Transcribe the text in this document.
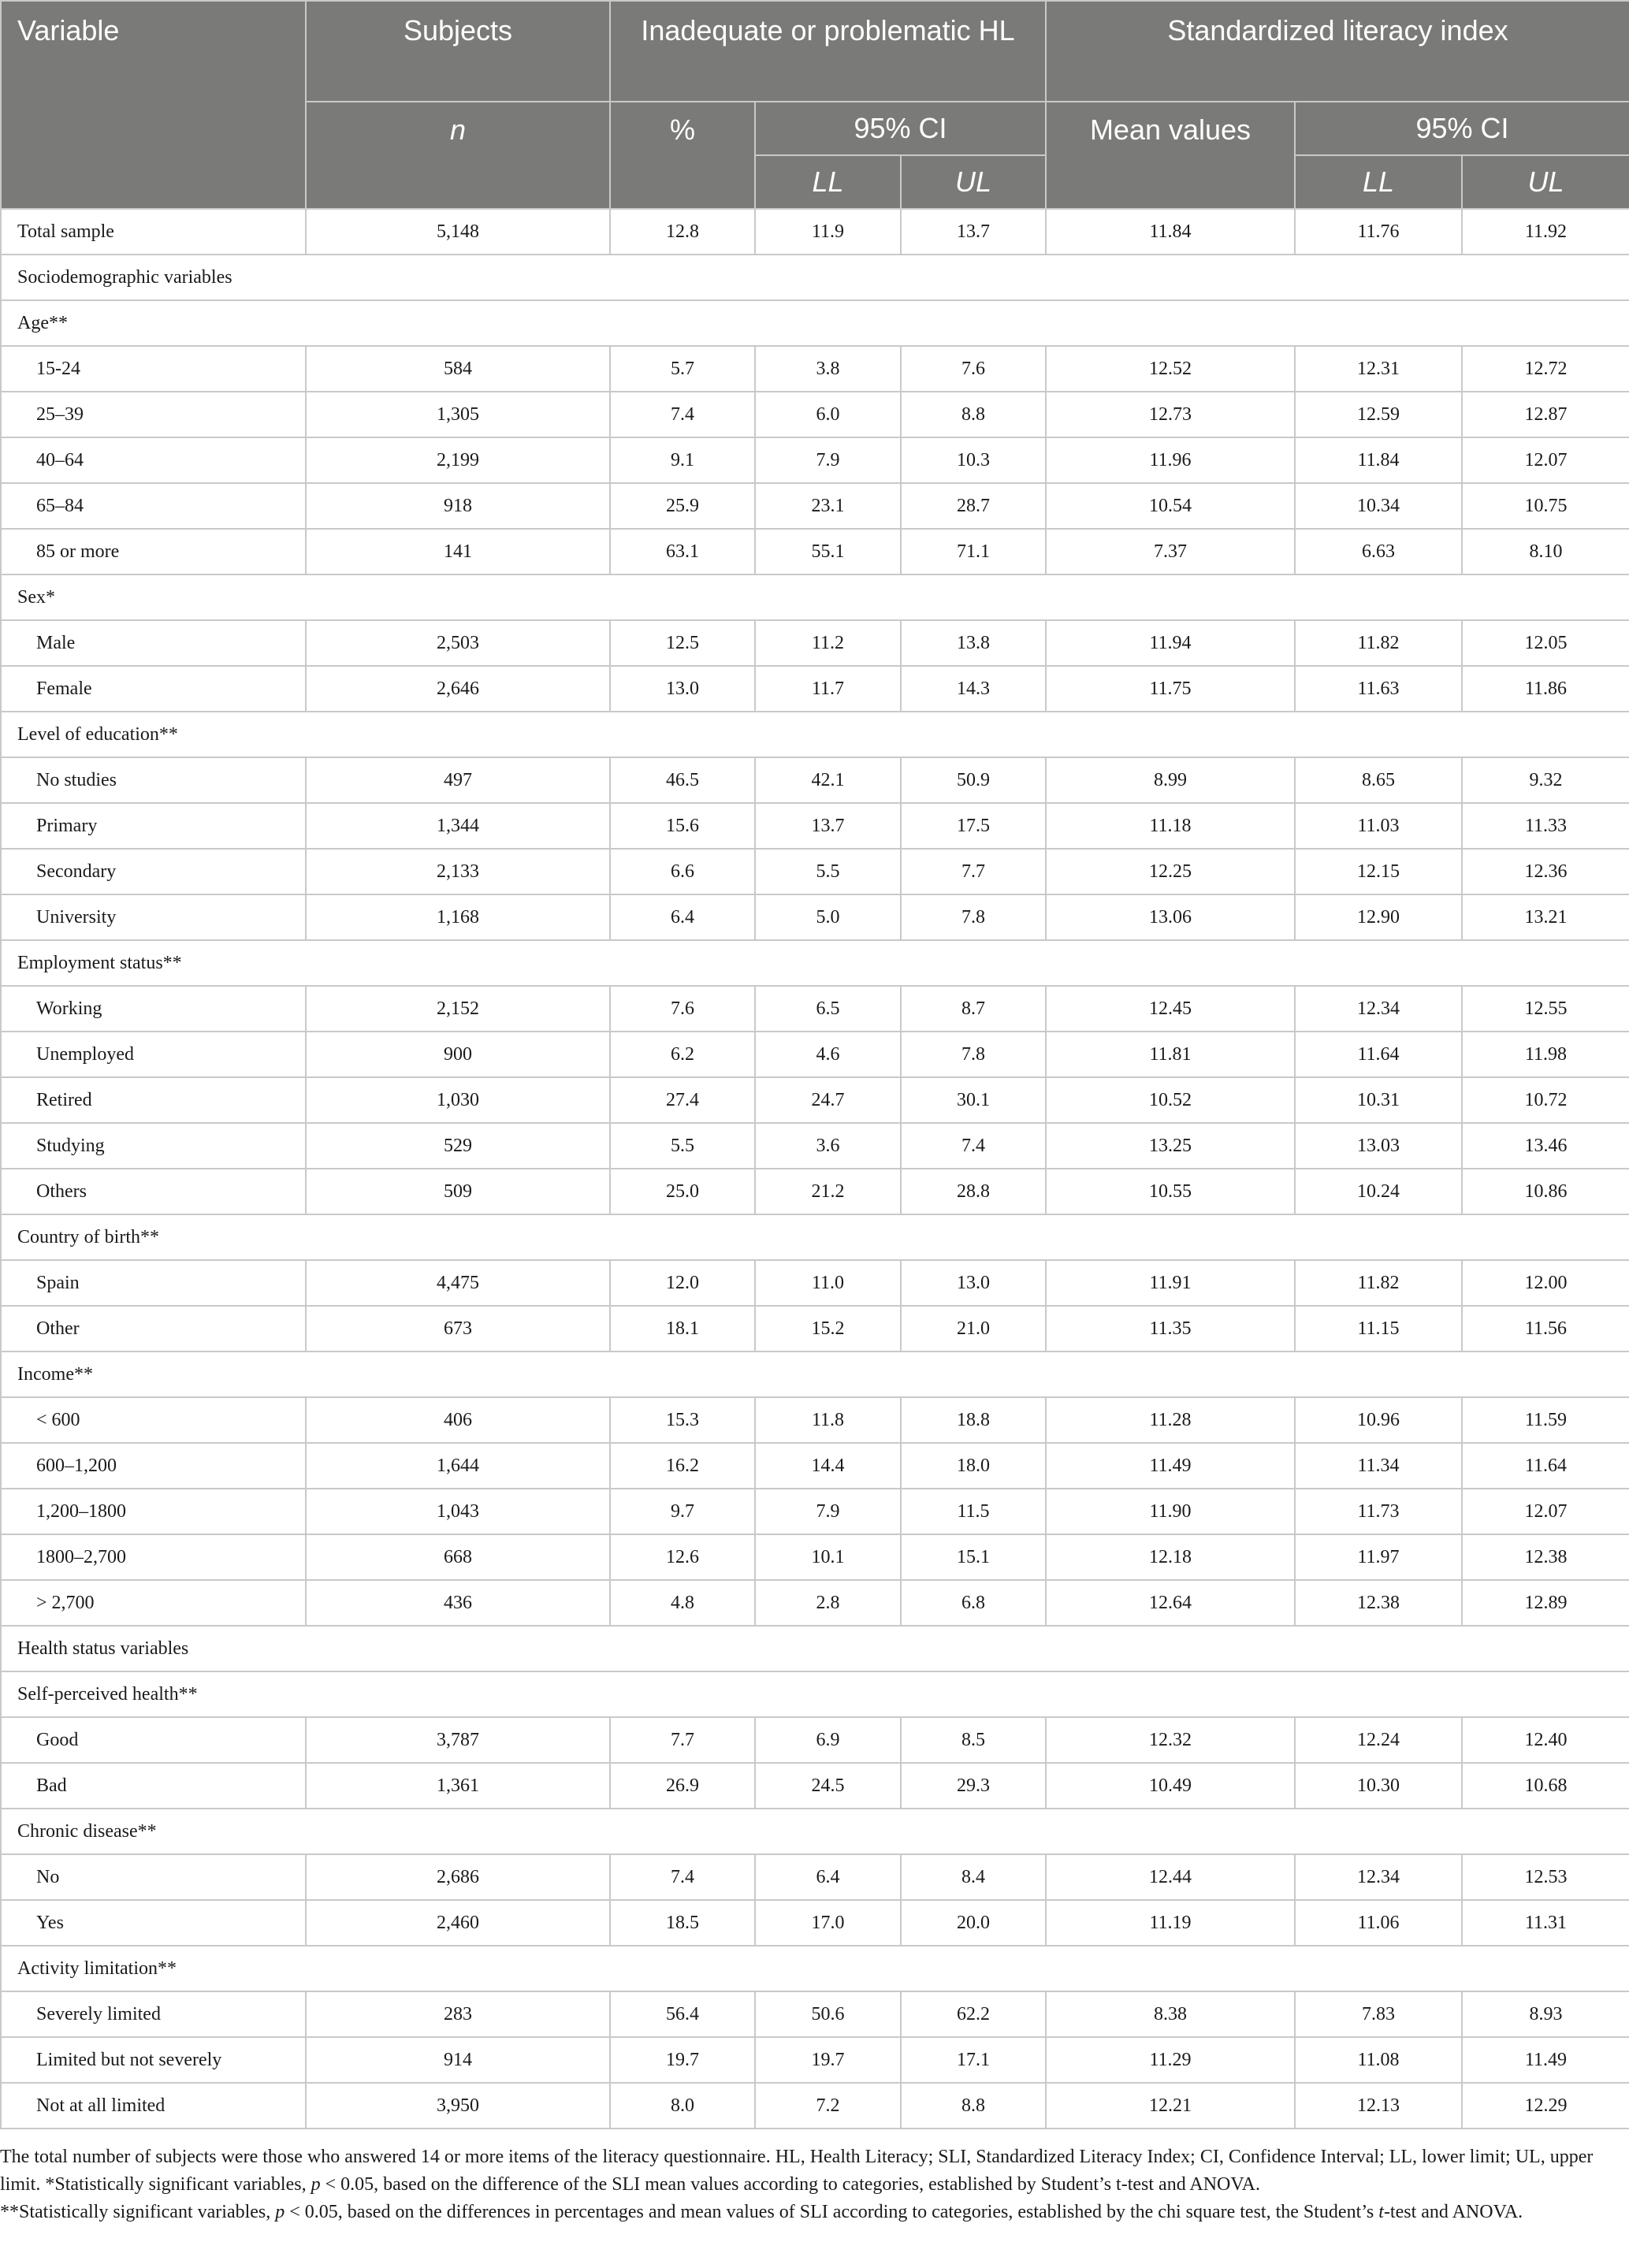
Variable	Subjects	Inadequate or problematic HL			Standardized literacy index		
	n	%	95% CI		Mean values	95% CI	
			LL	UL		LL	UL
Total sample	5,148	12.8	11.9	13.7	11.84	11.76	11.92
Sociodemographic variables							
Age**							
15-24	584	5.7	3.8	7.6	12.52	12.31	12.72
25–39	1,305	7.4	6.0	8.8	12.73	12.59	12.87
40–64	2,199	9.1	7.9	10.3	11.96	11.84	12.07
65–84	918	25.9	23.1	28.7	10.54	10.34	10.75
85 or more	141	63.1	55.1	71.1	7.37	6.63	8.10
Sex*							
Male	2,503	12.5	11.2	13.8	11.94	11.82	12.05
Female	2,646	13.0	11.7	14.3	11.75	11.63	11.86
Level of education**							
No studies	497	46.5	42.1	50.9	8.99	8.65	9.32
Primary	1,344	15.6	13.7	17.5	11.18	11.03	11.33
Secondary	2,133	6.6	5.5	7.7	12.25	12.15	12.36
University	1,168	6.4	5.0	7.8	13.06	12.90	13.21
Employment status**							
Working	2,152	7.6	6.5	8.7	12.45	12.34	12.55
Unemployed	900	6.2	4.6	7.8	11.81	11.64	11.98
Retired	1,030	27.4	24.7	30.1	10.52	10.31	10.72
Studying	529	5.5	3.6	7.4	13.25	13.03	13.46
Others	509	25.0	21.2	28.8	10.55	10.24	10.86
Country of birth**							
Spain	4,475	12.0	11.0	13.0	11.91	11.82	12.00
Other	673	18.1	15.2	21.0	11.35	11.15	11.56
Income**							
< 600	406	15.3	11.8	18.8	11.28	10.96	11.59
600–1,200	1,644	16.2	14.4	18.0	11.49	11.34	11.64
1,200–1800	1,043	9.7	7.9	11.5	11.90	11.73	12.07
1800–2,700	668	12.6	10.1	15.1	12.18	11.97	12.38
> 2,700	436	4.8	2.8	6.8	12.64	12.38	12.89
Health status variables							
Self-perceived health**							
Good	3,787	7.7	6.9	8.5	12.32	12.24	12.40
Bad	1,361	26.9	24.5	29.3	10.49	10.30	10.68
Chronic disease**							
No	2,686	7.4	6.4	8.4	12.44	12.34	12.53
Yes	2,460	18.5	17.0	20.0	11.19	11.06	11.31
Activity limitation**							
Severely limited	283	56.4	50.6	62.2	8.38	7.83	8.93
Limited but not severely	914	19.7	19.7	17.1	11.29	11.08	11.49
Not at all limited	3,950	8.0	7.2	8.8	12.21	12.13	12.29

The total number of subjects were those who answered 14 or more items of the literacy questionnaire. HL, Health Literacy; SLI, Standardized Literacy Index; CI, Confidence Interval; LL, lower limit; UL, upper limit. *Statistically significant variables, p < 0.05, based on the difference of the SLI mean values according to categories, established by Student’s t-test and ANOVA.

**Statistically significant variables, p < 0.05, based on the differences in percentages and mean values of SLI according to categories, established by the chi square test, the Student’s t-test and ANOVA.
